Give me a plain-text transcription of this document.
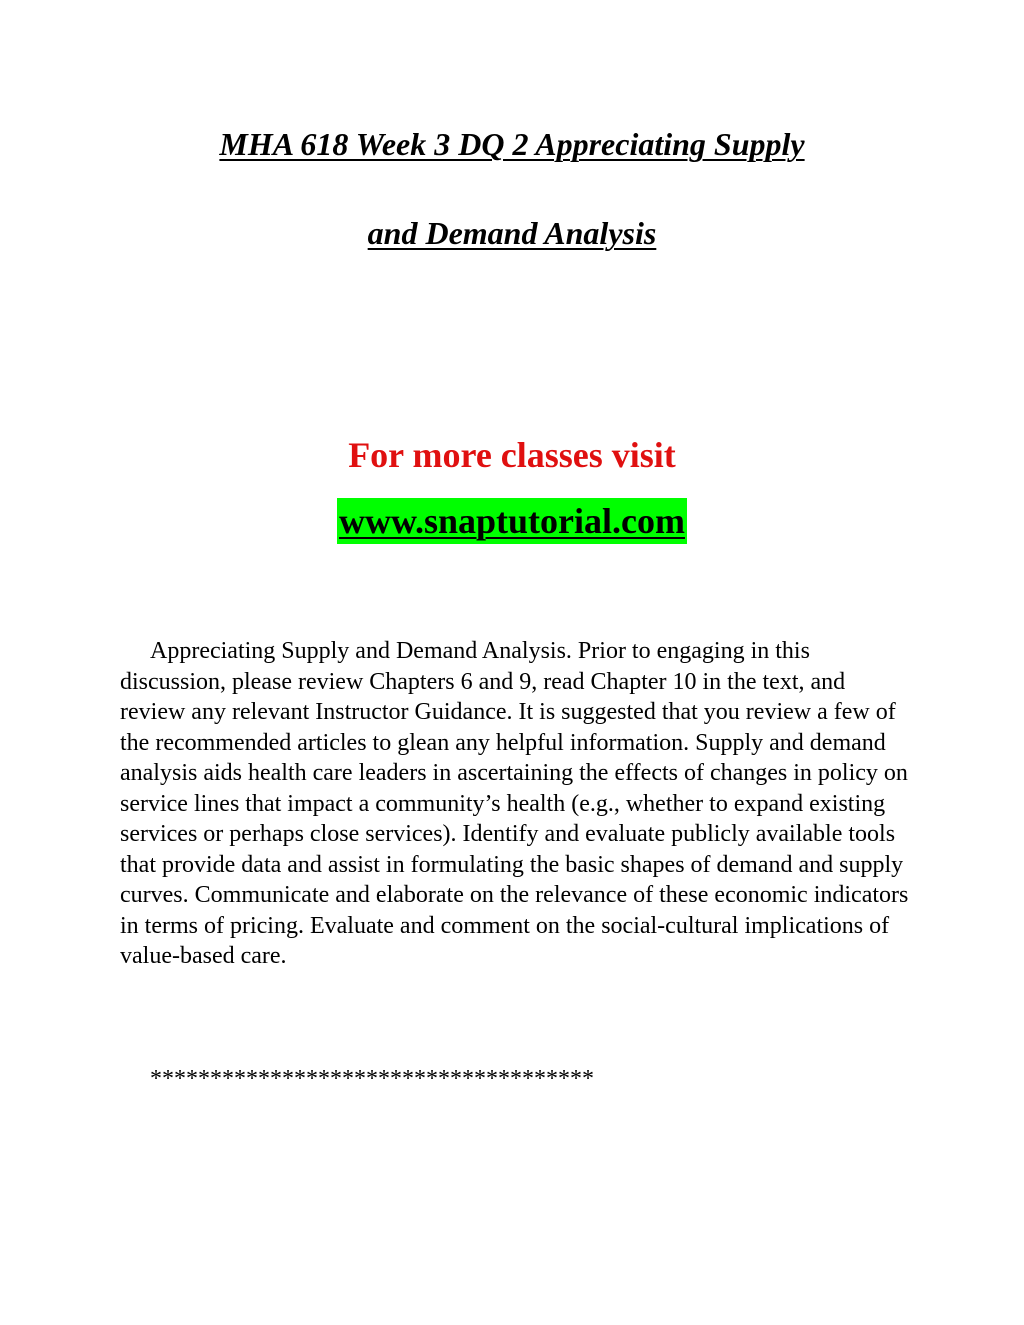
MHA 618 Week 3 DQ 2 Appreciating Supply
and Demand Analysis

For more classes visit

www.snaptutorial.com

Appreciating Supply and Demand Analysis. Prior to engaging in this discussion, please review Chapters 6 and 9, read Chapter 10 in the text, and review any relevant Instructor Guidance. It is suggested that you review a few of the recommended articles to glean any helpful information. Supply and demand analysis aids health care leaders in ascertaining the effects of changes in policy on service lines that impact a community’s health (e.g., whether to expand existing services or perhaps close services). Identify and evaluate publicly available tools that provide data and assist in formulating the basic shapes of demand and supply curves. Communicate and elaborate on the relevance of these economic indicators in terms of pricing. Evaluate and comment on the social-cultural implications of value-based care.

*************************************
